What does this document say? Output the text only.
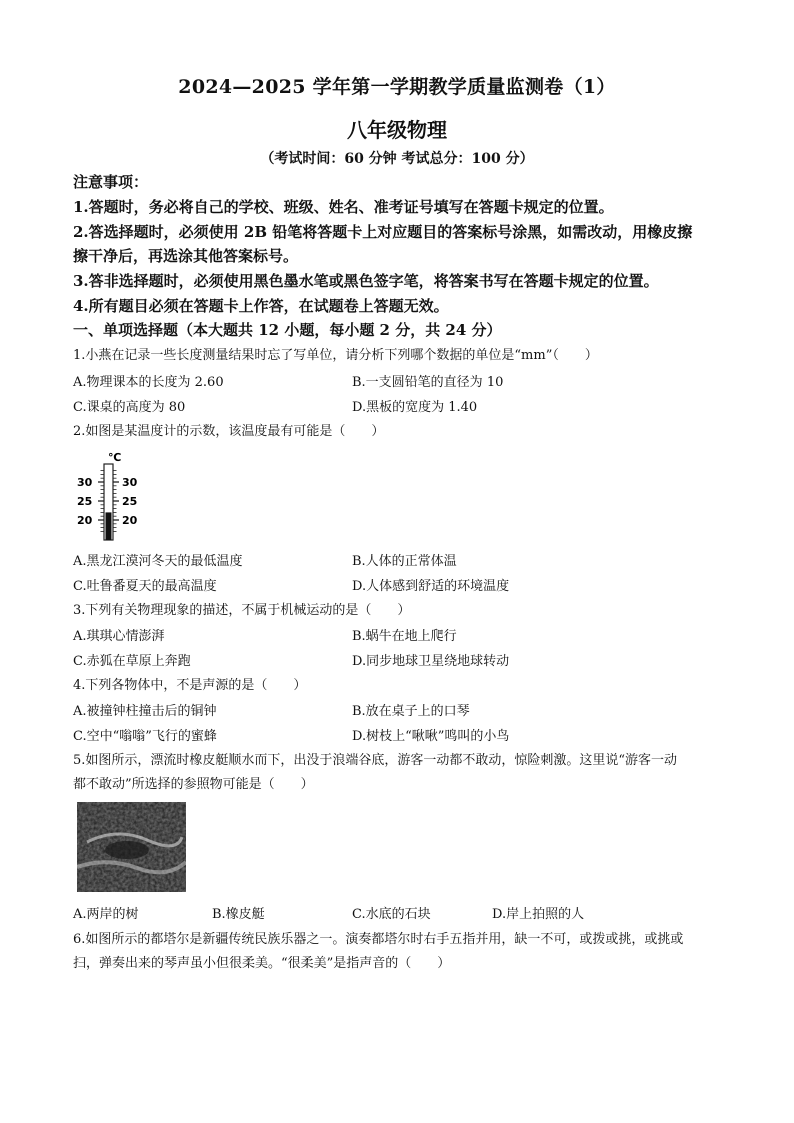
2024—2025 学年第一学期教学质量监测卷（1）
八年级物理
（考试时间：60 分钟 考试总分：100 分）
注意事项：
1.答题时，务必将自己的学校、班级、姓名、准考证号填写在答题卡规定的位置。
2.答选择题时，必须使用 2B 铅笔将答题卡上对应题目的答案标号涂黑，如需改动，用橡皮擦
擦干净后，再选涂其他答案标号。
3.答非选择题时，必须使用黑色墨水笔或黑色签字笔，将答案书写在答题卡规定的位置。
4.所有题目必须在答题卡上作答，在试题卷上答题无效。
一、单项选择题（本大题共 12 小题，每小题 2 分，共 24 分）
1.小燕在记录一些长度测量结果时忘了写单位，请分析下列哪个数据的单位是“mm”（　　）
A.物理课本的长度为 2.60	B.一支圆铅笔的直径为 10
C.课桌的高度为 80	D.黑板的宽度为 1.40
2.如图是某温度计的示数，该温度最有可能是（　　）
℃
30
25
20
30
25
20
A.黑龙江漠河冬天的最低温度	B.人体的正常体温
C.吐鲁番夏天的最高温度	D.人体感到舒适的环境温度
3.下列有关物理现象的描述，不属于机械运动的是（　　）
A.琪琪心情澎湃	B.蜗牛在地上爬行
C.赤狐在草原上奔跑	D.同步地球卫星绕地球转动
4.下列各物体中，不是声源的是（　　）
A.被撞钟柱撞击后的铜钟	B.放在桌子上的口琴
C.空中“嗡嗡”飞行的蜜蜂	D.树枝上“啾啾”鸣叫的小鸟
5.如图所示，漂流时橡皮艇顺水而下，出没于浪端谷底，游客一动都不敢动，惊险刺激。这里说“游客一动
都不敢动”所选择的参照物可能是（　　）
A.两岸的树	B.橡皮艇	C.水底的石块	D.岸上拍照的人
6.如图所示的都塔尔是新疆传统民族乐器之一。演奏都塔尔时右手五指并用，缺一不可，或拨或挑，或挑或
扫，弹奏出来的琴声虽小但很柔美。“很柔美”是指声音的（　　）
